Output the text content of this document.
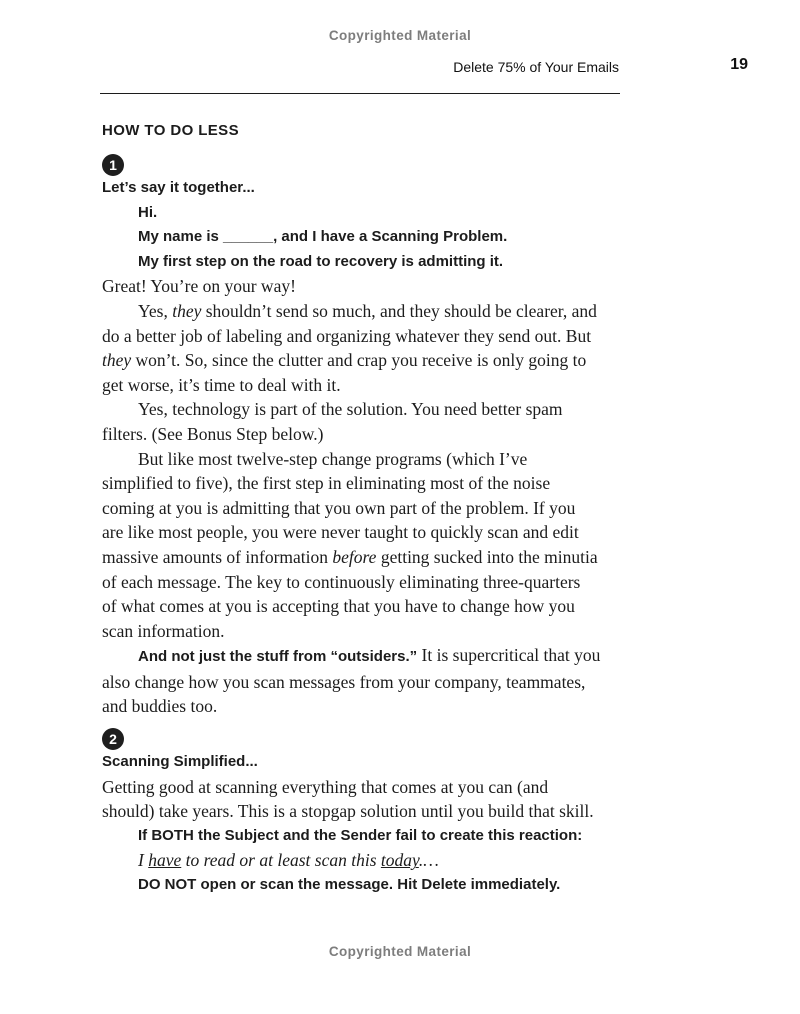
Copyrighted Material
Delete 75% of Your Emails	19
HOW TO DO LESS
1
Let’s say it together...
Hi.
My name is ______, and I have a Scanning Problem.
My first step on the road to recovery is admitting it.
Great! You’re on your way!
Yes, they shouldn’t send so much, and they should be clearer, and
do a better job of labeling and organizing whatever they send out. But
they won’t. So, since the clutter and crap you receive is only going to
get worse, it’s time to deal with it.
Yes, technology is part of the solution. You need better spam
filters. (See Bonus Step below.)
But like most twelve-step change programs (which I’ve
simplified to five), the first step in eliminating most of the noise
coming at you is admitting that you own part of the problem. If you
are like most people, you were never taught to quickly scan and edit
massive amounts of information before getting sucked into the minutia
of each message. The key to continuously eliminating three-quarters
of what comes at you is accepting that you have to change how you
scan information.
And not just the stuff from “outsiders.” It is supercritical that you
also change how you scan messages from your company, teammates,
and buddies too.
2
Scanning Simplified...
Getting good at scanning everything that comes at you can (and
should) take years. This is a stopgap solution until you build that skill.
If BOTH the Subject and the Sender fail to create this reaction:
I have to read or at least scan this today.…
DO NOT open or scan the message. Hit Delete immediately.
Copyrighted Material
